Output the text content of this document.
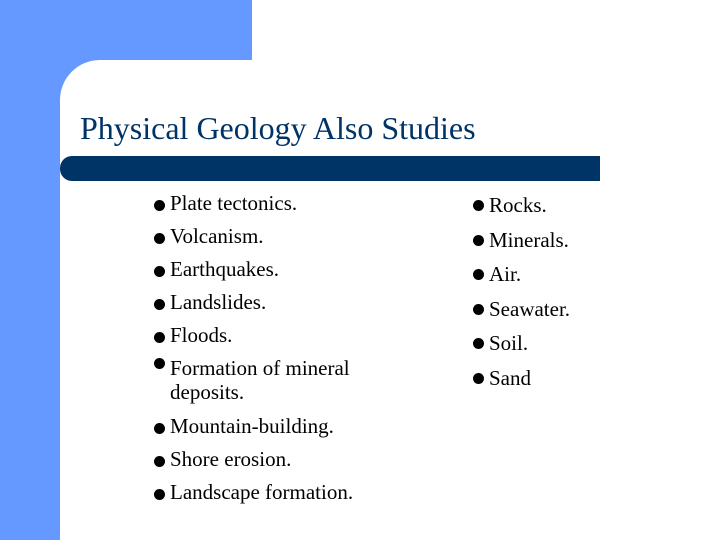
Physical Geology Also Studies
Plate tectonics.
Volcanism.
Earthquakes.
Landslides.
Floods.
Formation of mineral deposits.
Mountain-building.
Shore erosion.
Landscape formation.
Rocks.
Minerals.
Air.
Seawater.
Soil.
Sand
